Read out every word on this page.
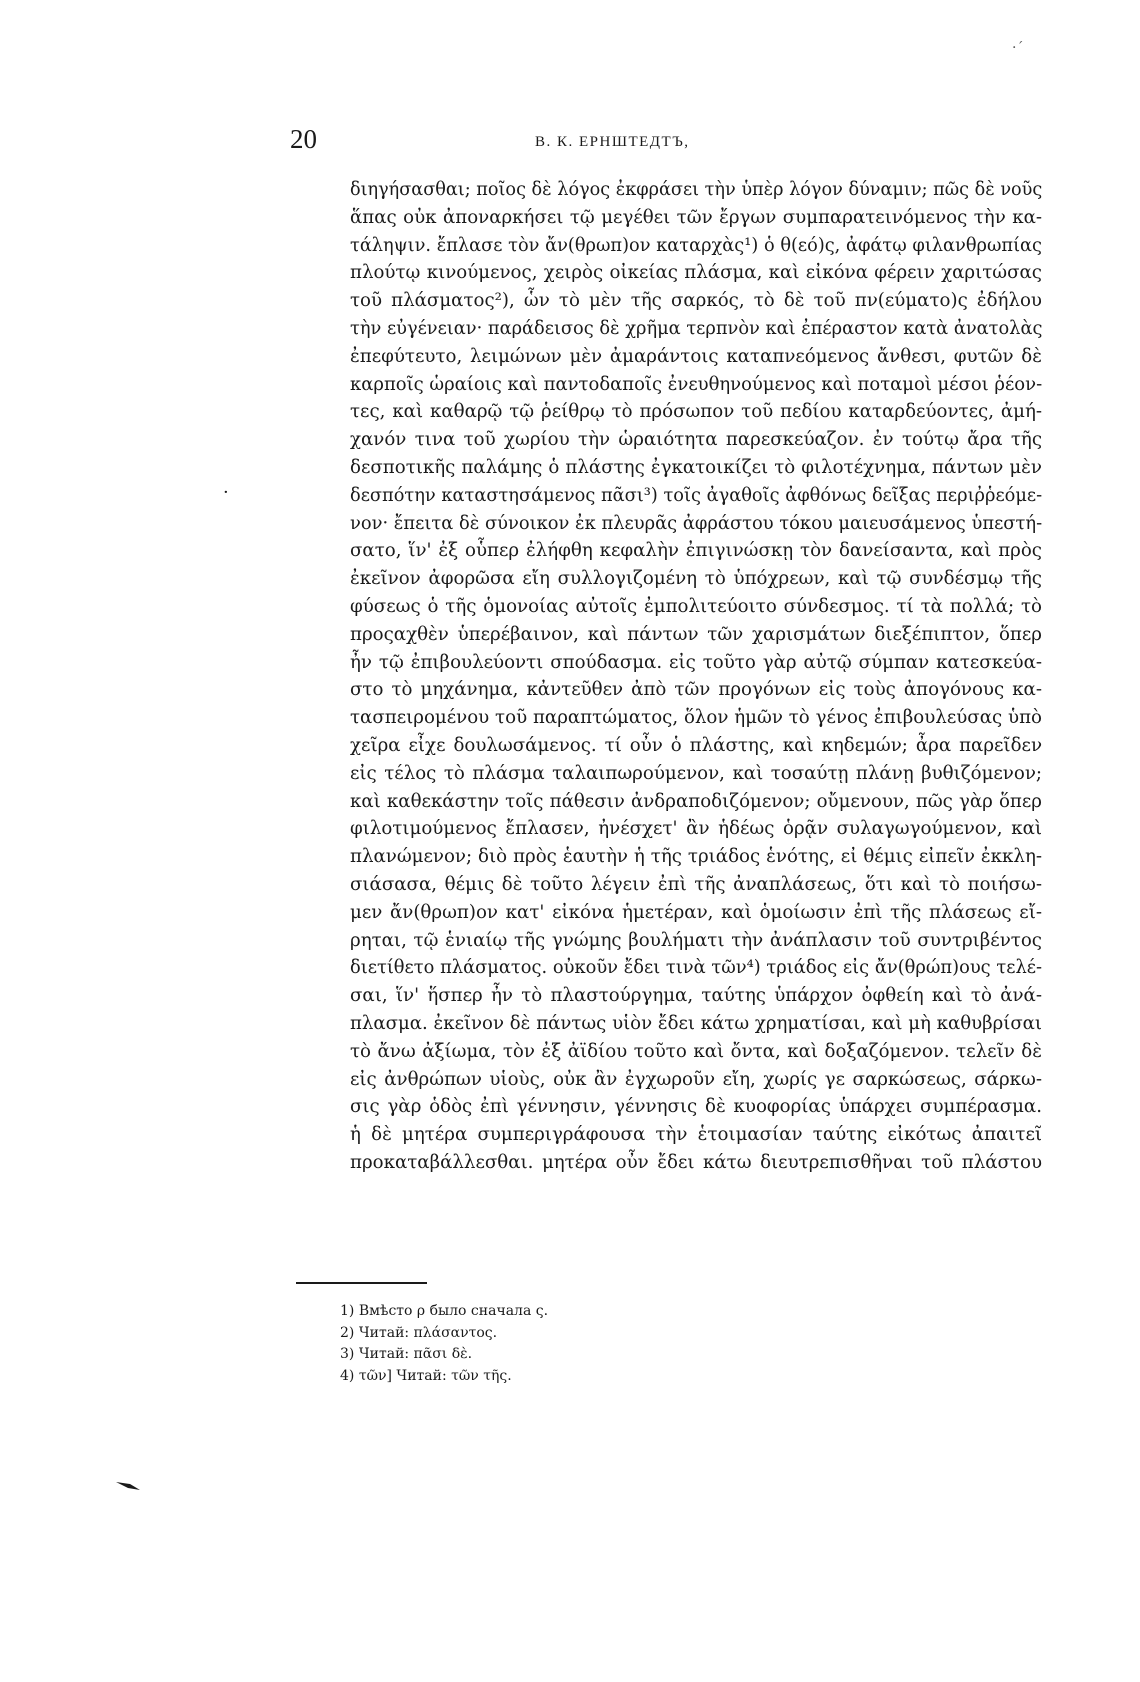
·´
20	В. К. ЕРНШТЕДТЪ,
·
διηγήσασθαι; ποῖος δὲ λόγος ἐκφράσει τὴν ὑπὲρ λόγον δύναμιν; πῶς δὲ νοῦς
ἅπας οὐκ ἀποναρκήσει τῷ μεγέθει τῶν ἔργων συμπαρατεινόμενος τὴν κα-
τάληψιν. ἔπλασε τὸν ἄν(θρωπ)ον καταρχὰς¹) ὁ θ(εό)ς, ἀφάτῳ φιλανθρωπίας
πλούτῳ κινούμενος, χειρὸς οἰκείας πλάσμα, καὶ εἰκόνα φέρειν χαριτώσας
τοῦ πλάσματος²), ὧν τὸ μὲν τῆς σαρκός, τὸ δὲ τοῦ πν(εύματο)ς ἐδήλου
τὴν εὐγένειαν· παράδεισος δὲ χρῆμα τερπνὸν καὶ ἐπέραστον κατὰ ἀνατολὰς
ἐπεφύτευτο, λειμώνων μὲν ἀμαράντοις καταπνεόμενος ἄνθεσι, φυτῶν δὲ
καρποῖς ὡραίοις καὶ παντοδαποῖς ἐνευθηνούμενος καὶ ποταμοὶ μέσοι ῥέον-
τες, καὶ καθαρῷ τῷ ῥείθρῳ τὸ πρόσωπον τοῦ πεδίου καταρδεύοντες, ἀμή-
χανόν τινα τοῦ χωρίου τὴν ὡραιότητα παρεσκεύαζον. ἐν τούτῳ ἄρα τῆς
δεσποτικῆς παλάμης ὁ πλάστης ἐγκατοικίζει τὸ φιλοτέχνημα, πάντων μὲν
δεσπότην καταστησάμενος πᾶσι³) τοῖς ἀγαθοῖς ἀφθόνως δεῖξας περιῤῥεόμε-
νον· ἔπειτα δὲ σύνοικον ἐκ πλευρᾶς ἀφράστου τόκου μαιευσάμενος ὑπεστή-
σατο, ἵν' ἐξ οὗπερ ἐλήφθη κεφαλὴν ἐπιγινώσκῃ τὸν δανείσαντα, καὶ πρὸς
ἐκεῖνον ἀφορῶσα εἴη συλλογιζομένη τὸ ὑπόχρεων, καὶ τῷ συνδέσμῳ τῆς
φύσεως ὁ τῆς ὁμονοίας αὐτοῖς ἐμπολιτεύοιτο σύνδεσμος. τί τὰ πολλά; τὸ
προςαχθὲν ὑπερέβαινον, καὶ πάντων τῶν χαρισμάτων διεξέπιπτον, ὅπερ
ἦν τῷ ἐπιβουλεύοντι σπούδασμα. εἰς τοῦτο γὰρ αὐτῷ σύμπαν κατεσκεύα-
στο τὸ μηχάνημα, κἀντεῦθεν ἀπὸ τῶν προγόνων εἰς τοὺς ἀπογόνους κα-
τασπειρομένου τοῦ παραπτώματος, ὅλον ἡμῶν τὸ γένος ἐπιβουλεύσας ὑπὸ
χεῖρα εἶχε δουλωσάμενος. τί οὖν ὁ πλάστης, καὶ κηδεμών; ἆρα παρεῖδεν
εἰς τέλος τὸ πλάσμα ταλαιπωρούμενον, καὶ τοσαύτῃ πλάνῃ βυθιζόμενον;
καὶ καθεκάστην τοῖς πάθεσιν ἀνδραποδιζόμενον; οὔμενουν, πῶς γὰρ ὅπερ
φιλοτιμούμενος ἔπλασεν, ἠνέσχετ' ἂν ἡδέως ὁρᾷν συλαγωγούμενον, καὶ
πλανώμενον; διὸ πρὸς ἑαυτὴν ἡ τῆς τριάδος ἑνότης, εἰ θέμις εἰπεῖν ἐκκλη-
σιάσασα, θέμις δὲ τοῦτο λέγειν ἐπὶ τῆς ἀναπλάσεως, ὅτι καὶ τὸ ποιήσω-
μεν ἄν(θρωπ)ον κατ' εἰκόνα ἡμετέραν, καὶ ὁμοίωσιν ἐπὶ τῆς πλάσεως εἴ-
ρηται, τῷ ἑνιαίῳ τῆς γνώμης βουλήματι τὴν ἀνάπλασιν τοῦ συντριβέντος
διετίθετο πλάσματος. οὐκοῦν ἔδει τινὰ τῶν⁴) τριάδος εἰς ἄν(θρώπ)ους τελέ-
σαι, ἵν' ἥσπερ ἦν τὸ πλαστούργημα, ταύτης ὑπάρχον ὀφθείη καὶ τὸ ἀνά-
πλασμα. ἐκεῖνον δὲ πάντως υἱὸν ἔδει κάτω χρηματίσαι, καὶ μὴ καθυβρίσαι
τὸ ἄνω ἀξίωμα, τὸν ἐξ ἀϊδίου τοῦτο καὶ ὄντα, καὶ δοξαζόμενον. τελεῖν δὲ
εἰς ἀνθρώπων υἱοὺς, οὐκ ἂν ἐγχωροῦν εἴη, χωρίς γε σαρκώσεως, σάρκω-
σις γὰρ ὁδὸς ἐπὶ γέννησιν, γέννησις δὲ κυοφορίας ὑπάρχει συμπέρασμα.
ἡ δὲ μητέρα συμπεριγράφουσα τὴν ἑτοιμασίαν ταύτης εἰκότως ἀπαιτεῖ
προκαταβάλλεσθαι. μητέρα οὖν ἔδει κάτω διευτρεπισθῆναι τοῦ πλάστου
1) Вмѣсто ρ было сначала ς.
2) Читай: πλάσαντος.
3) Читай: πᾶσι δὲ.
4) τῶν] Читай: τῶν τῆς.
